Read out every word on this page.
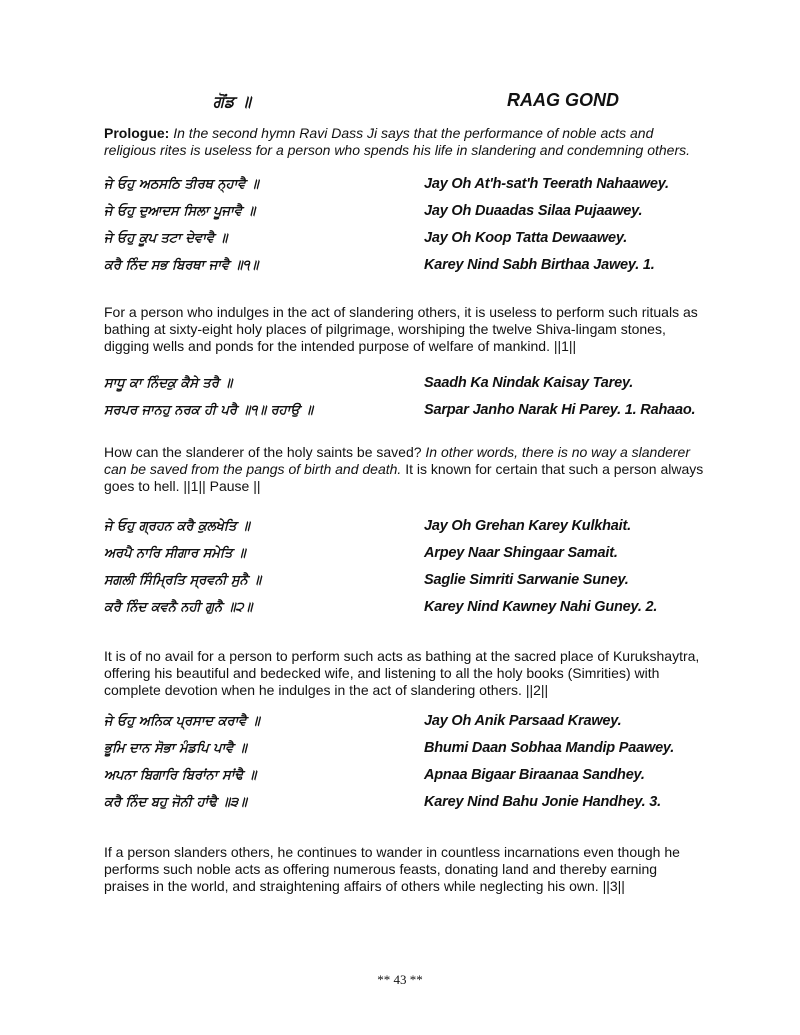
ਗੋਂਡ ॥	RAAG GOND
Prologue: In the second hymn Ravi Dass Ji says that the performance of noble acts and religious rites is useless for a person who spends his life in slandering and condemning others.
ਜੇ ਓਹੁ ਅਠਸਠਿ ਤੀਰਥ ਨ੍ਹਾਵੈ ॥	Jay Oh At'h-sat'h Teerath Nahaawey.
ਜੇ ਓਹੁ ਦੁਆਦਸ ਸਿਲਾ ਪੂਜਾਵੈ ॥	Jay Oh Duaadas Silaa Pujaawey.
ਜੇ ਓਹੁ ਕੂਪ ਤਟਾ ਦੇਵਾਵੈ ॥	Jay Oh Koop Tatta Dewaawey.
ਕਰੈ ਨਿੰਦ ਸਭ ਬਿਰਥਾ ਜਾਵੈ ॥੧॥	Karey Nind Sabh Birthaa Jawey. 1.
For a person who indulges in the act of slandering others, it is useless to perform such rituals as bathing at sixty-eight holy places of pilgrimage, worshiping the twelve Shiva-lingam stones, digging wells and ponds for the intended purpose of welfare of mankind. ||1||
ਸਾਧੂ ਕਾ ਨਿੰਦਕੁ ਕੈਸੇ ਤਰੈ ॥	Saadh Ka Nindak Kaisay Tarey.
ਸਰਪਰ ਜਾਨਹੁ ਨਰਕ ਹੀ ਪਰੈ ॥੧॥ ਰਹਾਉ ॥	Sarpar Janho Narak Hi Parey. 1. Rahaao.
How can the slanderer of the holy saints be saved? In other words, there is no way a slanderer can be saved from the pangs of birth and death. It is known for certain that such a person always goes to hell. ||1|| Pause ||
ਜੇ ਓਹੁ ਗ੍ਰਹਨ ਕਰੈ ਕੁਲਖੇਤਿ ॥	Jay Oh Grehan Karey Kulkhait.
ਅਰਪੈ ਨਾਰਿ ਸੀਗਾਰ ਸਮੇਤਿ ॥	Arpey Naar Shingaar Samait.
ਸਗਲੀ ਸਿੰਮ੍ਰਿਤਿ ਸ੍ਰਵਨੀ ਸੁਨੈ ॥	Saglie Simriti Sarwanie Suney.
ਕਰੈ ਨਿੰਦ ਕਵਨੈ ਨਹੀ ਗੁਨੈ ॥੨॥	Karey Nind Kawney Nahi Guney. 2.
It is of no avail for a person to perform such acts as bathing at the sacred place of Kurukshaytra, offering his beautiful and bedecked wife, and listening to all the holy books (Simrities) with complete devotion when he indulges in the act of slandering others. ||2||
ਜੇ ਓਹੁ ਅਨਿਕ ਪ੍ਰਸਾਦ ਕਰਾਵੈ ॥	Jay Oh Anik Parsaad Krawey.
ਭੂਮਿ ਦਾਨ ਸੋਭਾ ਮੰਡਪਿ ਪਾਵੈ ॥	Bhumi Daan Sobhaa Mandip Paawey.
ਅਪਨਾ ਬਿਗਾਰਿ ਬਿਰਾਂਨਾ ਸਾਂਢੈ ॥	Apnaa Bigaar Biraanaa Sandhey.
ਕਰੈ ਨਿੰਦ ਬਹੁ ਜੋਨੀ ਹਾਂਢੈ ॥੩॥	Karey Nind Bahu Jonie Handhey. 3.
If a person slanders others, he continues to wander in countless incarnations even though he performs such noble acts as offering numerous feasts, donating land and thereby earning praises in the world, and straightening affairs of others while neglecting his own. ||3||
** 43 **
